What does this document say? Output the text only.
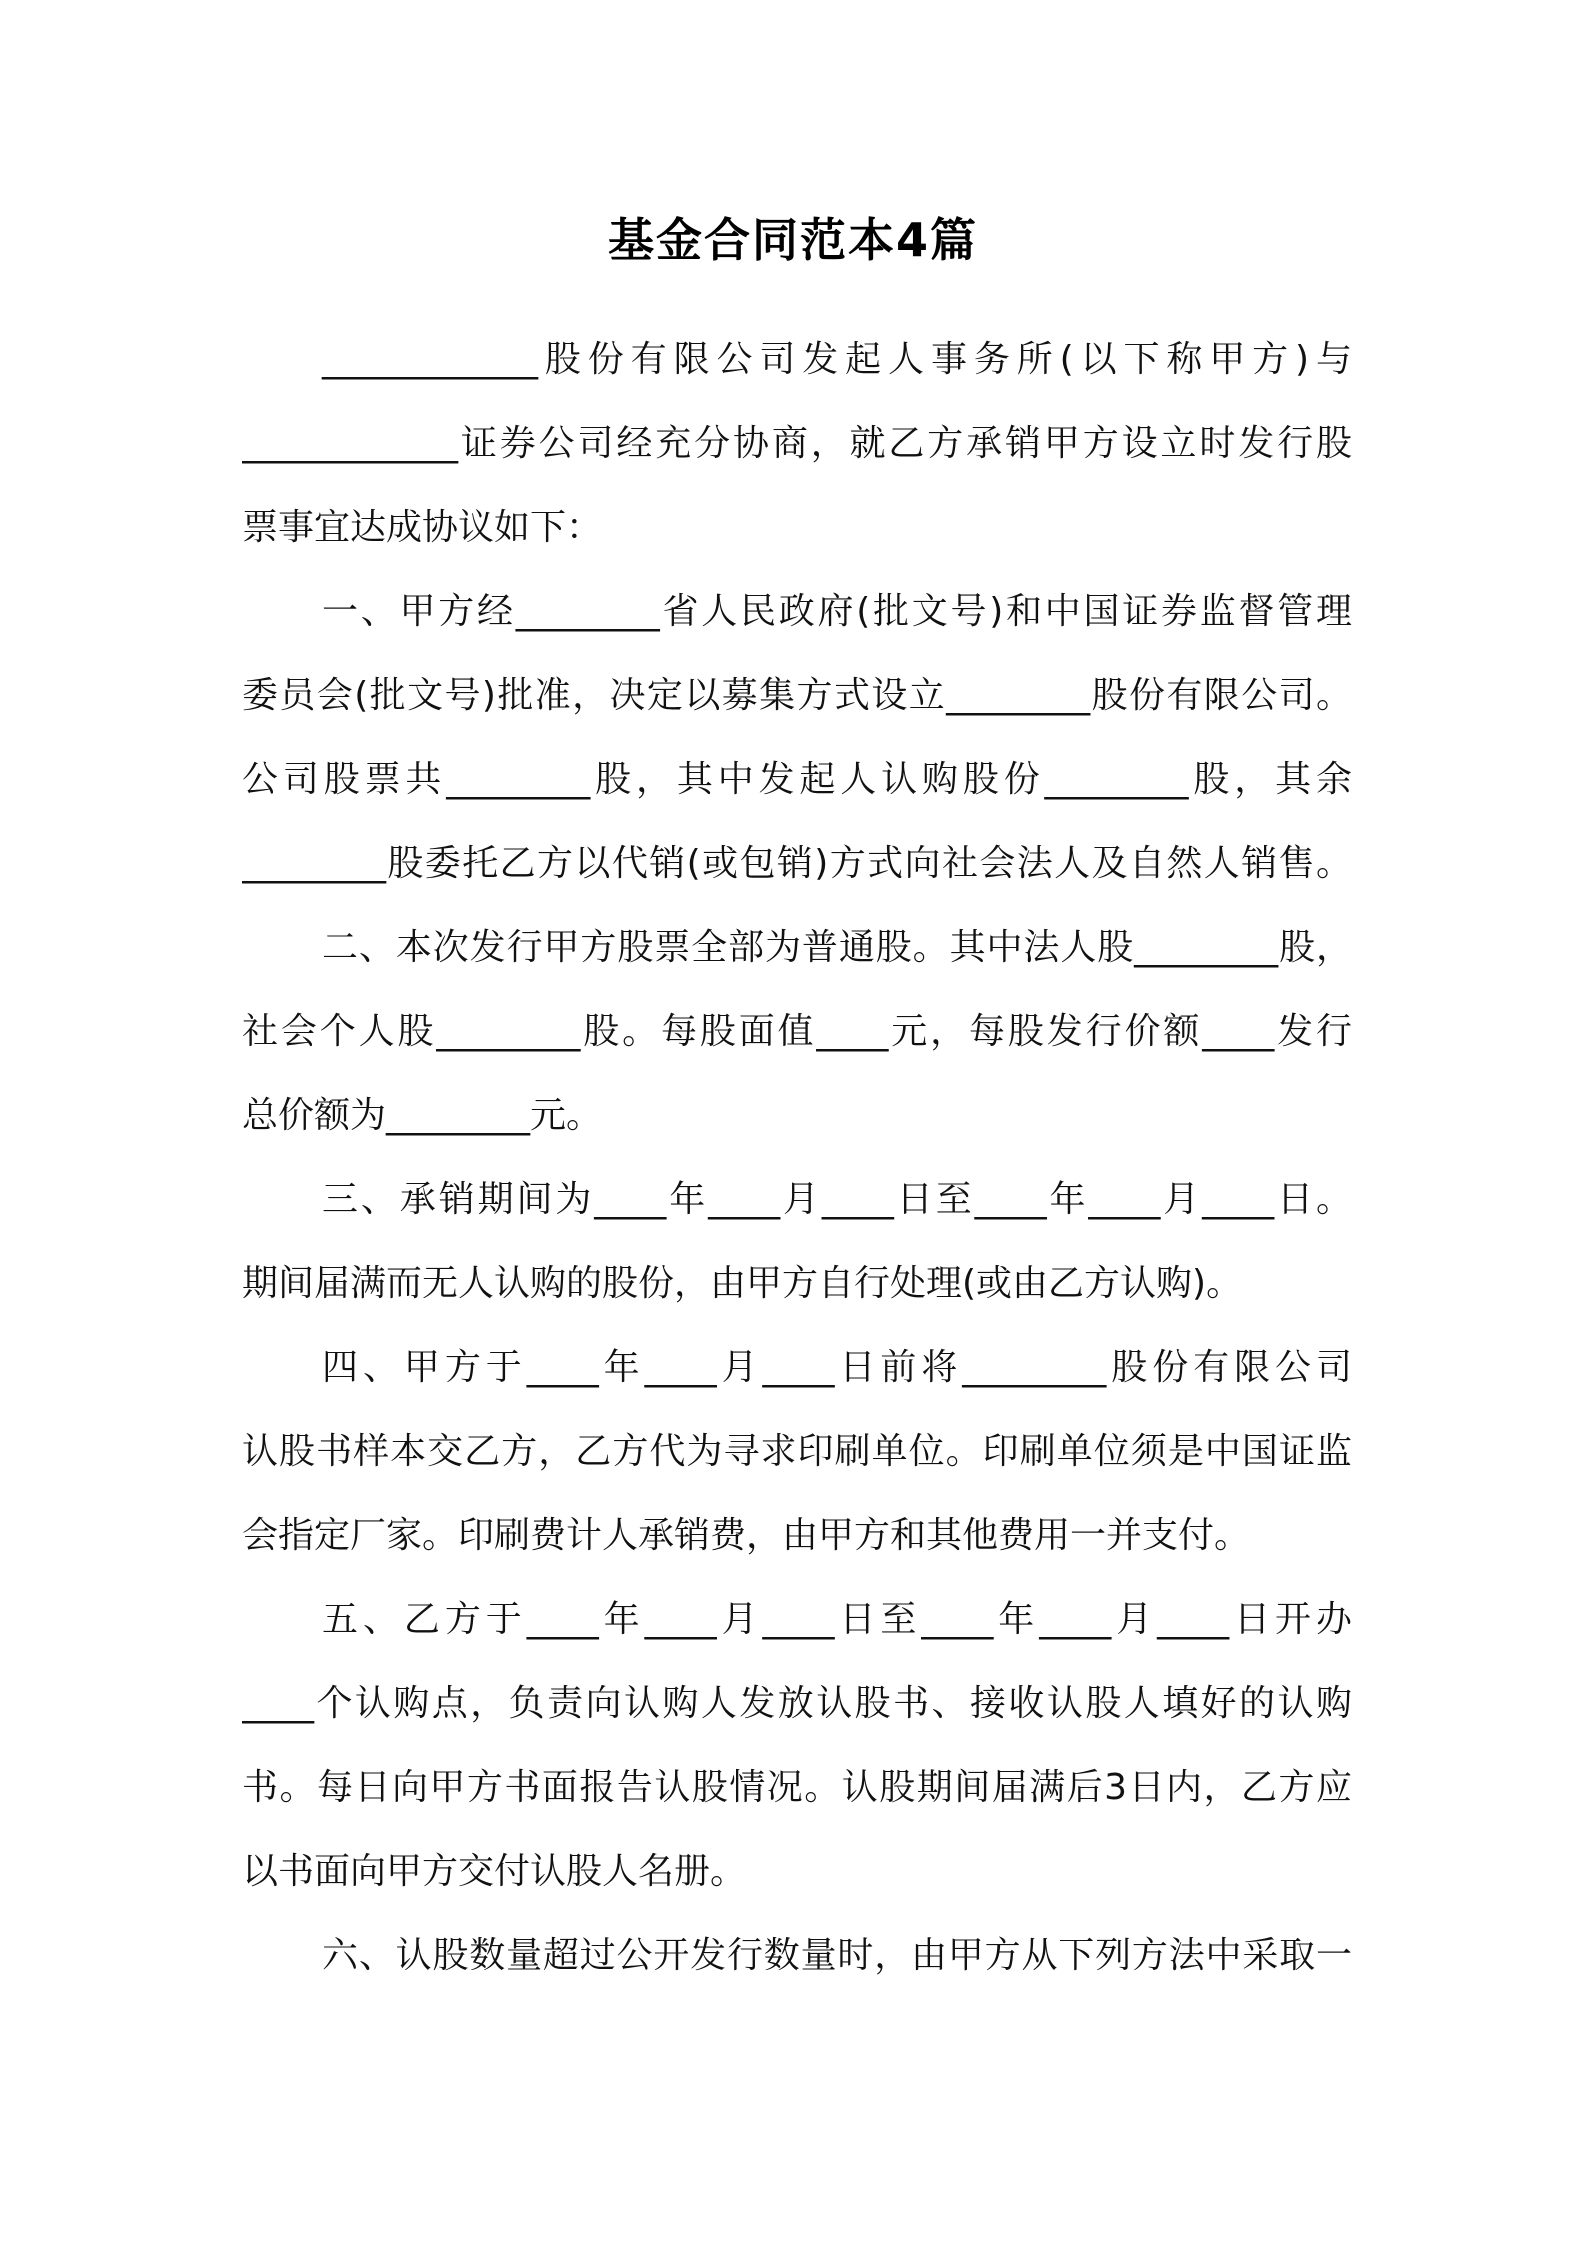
基金合同范本4篇
____________股份有限公司发起人事务所(以下称甲方)与
____________证券公司经充分协商，就乙方承销甲方设立时发行股
票事宜达成协议如下：
一、甲方经________省人民政府(批文号)和中国证券监督管理
委员会(批文号)批准，决定以募集方式设立________股份有限公司。
公司股票共________股，其中发起人认购股份________股，其余
________股委托乙方以代销(或包销)方式向社会法人及自然人销售。
二、本次发行甲方股票全部为普通股。其中法人股________股，
社会个人股________股。每股面值____元，每股发行价额____发行
总价额为________元。
三、承销期间为____年____月____日至____年____月____日。
期间届满而无人认购的股份，由甲方自行处理(或由乙方认购)。
四、甲方于____年____月____日前将________股份有限公司
认股书样本交乙方，乙方代为寻求印刷单位。印刷单位须是中国证监
会指定厂家。印刷费计人承销费，由甲方和其他费用一并支付。
五、乙方于____年____月____日至____年____月____日开办
____个认购点，负责向认购人发放认股书、接收认股人填好的认购
书。每日向甲方书面报告认股情况。认股期间届满后3日内，乙方应
以书面向甲方交付认股人名册。
六、认股数量超过公开发行数量时，由甲方从下列方法中采取一
